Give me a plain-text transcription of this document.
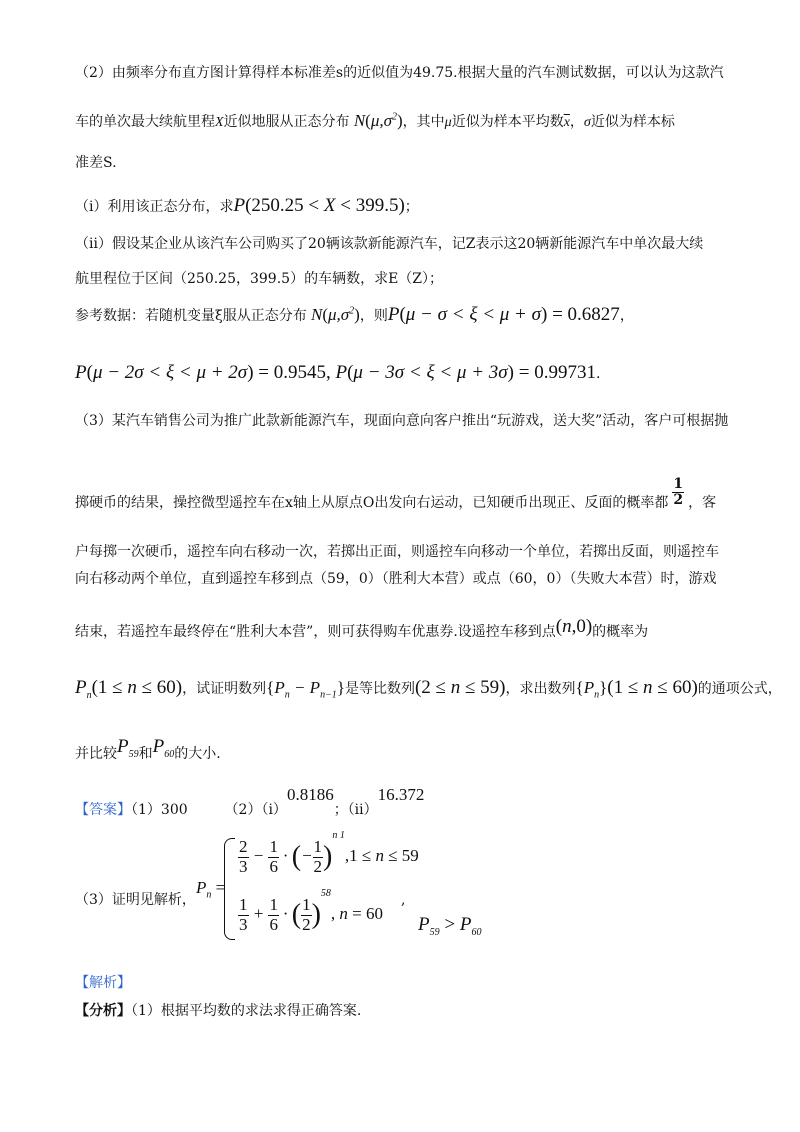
（2）由频率分布直方图计算得样本标准差s的近似值为49.75.根据大量的汽车测试数据，可以认为这款汽
车的单次最大续航里程X近似地服从正态分布 $N(\mu,\sigma^2)$，其中μ近似为样本平均数$\overline{x}$，σ近似为样本标
准差S.
（ⅰ）利用该正态分布，求P(250.25 < X < 399.5)；
（ⅱ）假设某企业从该汽车公司购买了20辆该款新能源汽车，记Z表示这20辆新能源汽车中单次最大续
航里程位于区间（250.25，399.5）的车辆数，求E（Z）；
参考数据：若随机变量ξ服从正态分布 $N(\mu,\sigma^2)$，则P(μ − σ < ξ < μ + σ) = 0.6827，
P(μ − 2σ < ξ < μ + 2σ) = 0.9545, P(μ − 3σ < ξ < μ + 3σ) = 0.99731.
（3）某汽车销售公司为推广此款新能源汽车，现面向意向客户推出“玩游戏，送大奖”活动，客户可根据抛
掷硬币的结果，操控微型遥控车在x轴上从原点O出发向右运动，已知硬币出现正、反面的概率都 $\frac{1}{2}$ ，客
户每掷一次硬币，遥控车向右移动一次，若掷出正面，则遥控车向移动一个单位，若掷出反面，则遥控车
向右移动两个单位，直到遥控车移到点（59，0）（胜利大本营）或点（60，0）（失败大本营）时，游戏
结束，若遥控车最终停在“胜利大本营”，则可获得购车优惠券.设遥控车移到点(n,0)的概率为
$P_n(1 \le n \le 60)$，试证明数列$\{P_n - P_{n-1}\}$是等比数列(2 ≤ n ≤ 59)，求出数列$\{P_n\}(1 \le n \le 60)$的通项公式，
并比较$P_{59}$和$P_{60}$的大小.
【答案】（1）300	（2）（ⅰ）0.8186；（ⅱ）16.372
（3）证明见解析，
$P_n$ =
$\frac{2}{3} - \frac{1}{6}$ · (− $\frac{1}{2} )^{n 1},1 \le n \le 59$
$\frac{1}{3} + \frac{1}{6}$ · ( $\frac{1}{2} )^{58}$, n = 60
,
$P_{59} > P_{60}$
【解析】
【分析】（1）根据平均数的求法求得正确答案.
